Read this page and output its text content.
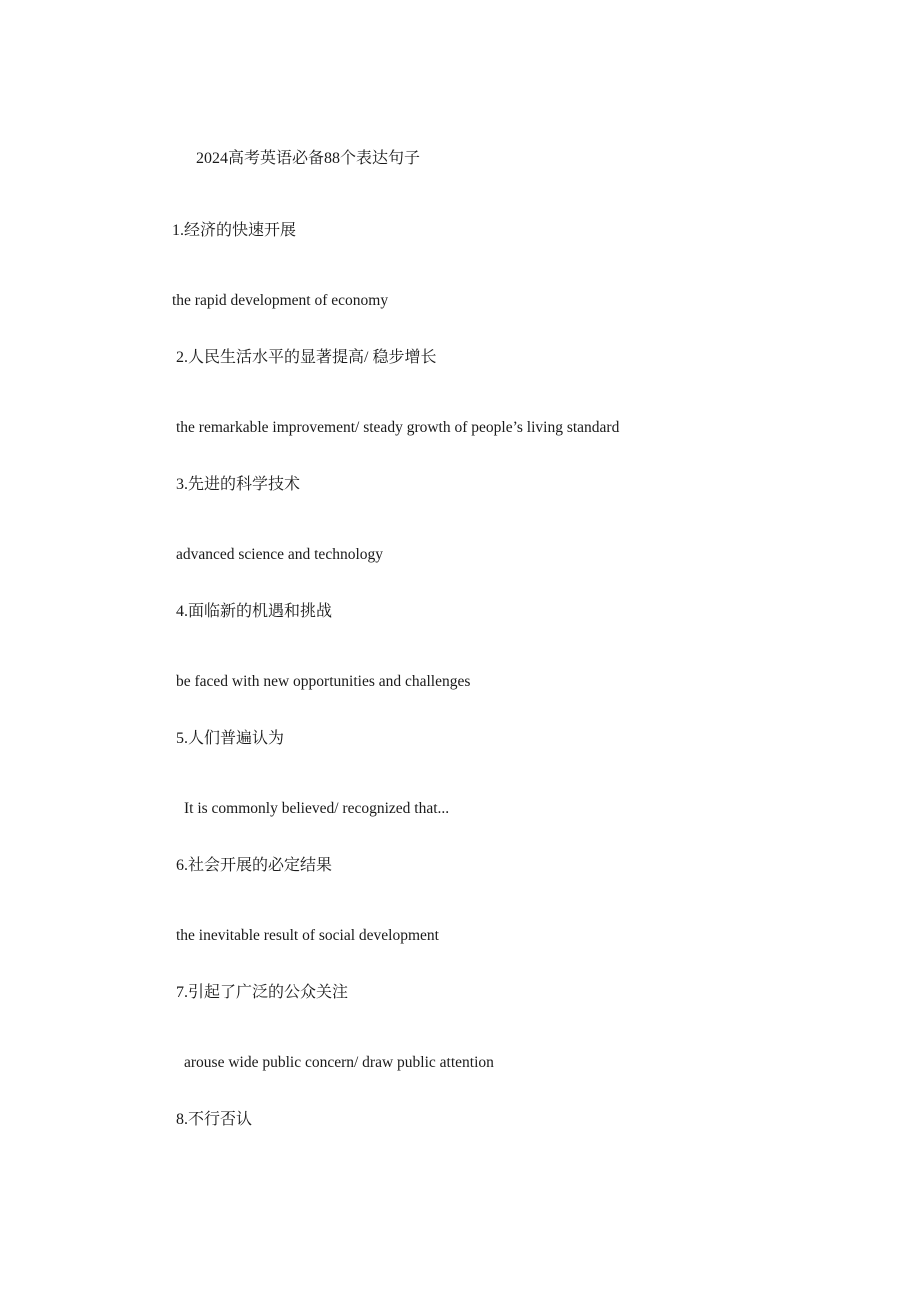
2024高考英语必备88个表达句子
1.经济的快速开展
the rapid development of economy
2.人民生活水平的显著提高/ 稳步增长
the remarkable improvement/ steady growth of people’s living standard
3.先进的科学技术
advanced science and technology
4.面临新的机遇和挑战
be faced with new opportunities and challenges
5.人们普遍认为
It is commonly believed/ recognized that...
6.社会开展的必定结果
the inevitable result of social development
7.引起了广泛的公众关注
arouse wide public concern/ draw public attention
8.不行否认
